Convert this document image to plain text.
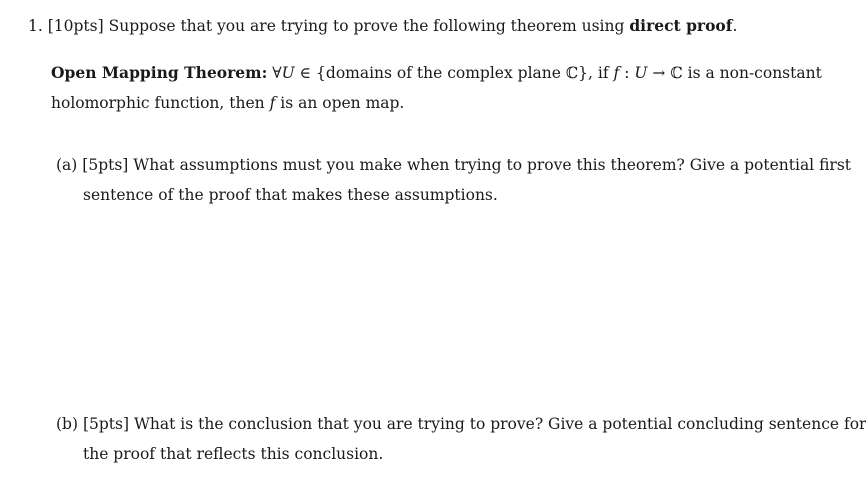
1. [10pts] Suppose that you are trying to prove the following theorem using direct proof.
Open Mapping Theorem: ∀U ∈ {domains of the complex plane ℂ}, if f : U → ℂ is a non-constant
holomorphic function, then f is an open map.
(a) [5pts] What assumptions must you make when trying to prove this theorem? Give a potential first
sentence of the proof that makes these assumptions.
(b) [5pts] What is the conclusion that you are trying to prove? Give a potential concluding sentence for
the proof that reflects this conclusion.
